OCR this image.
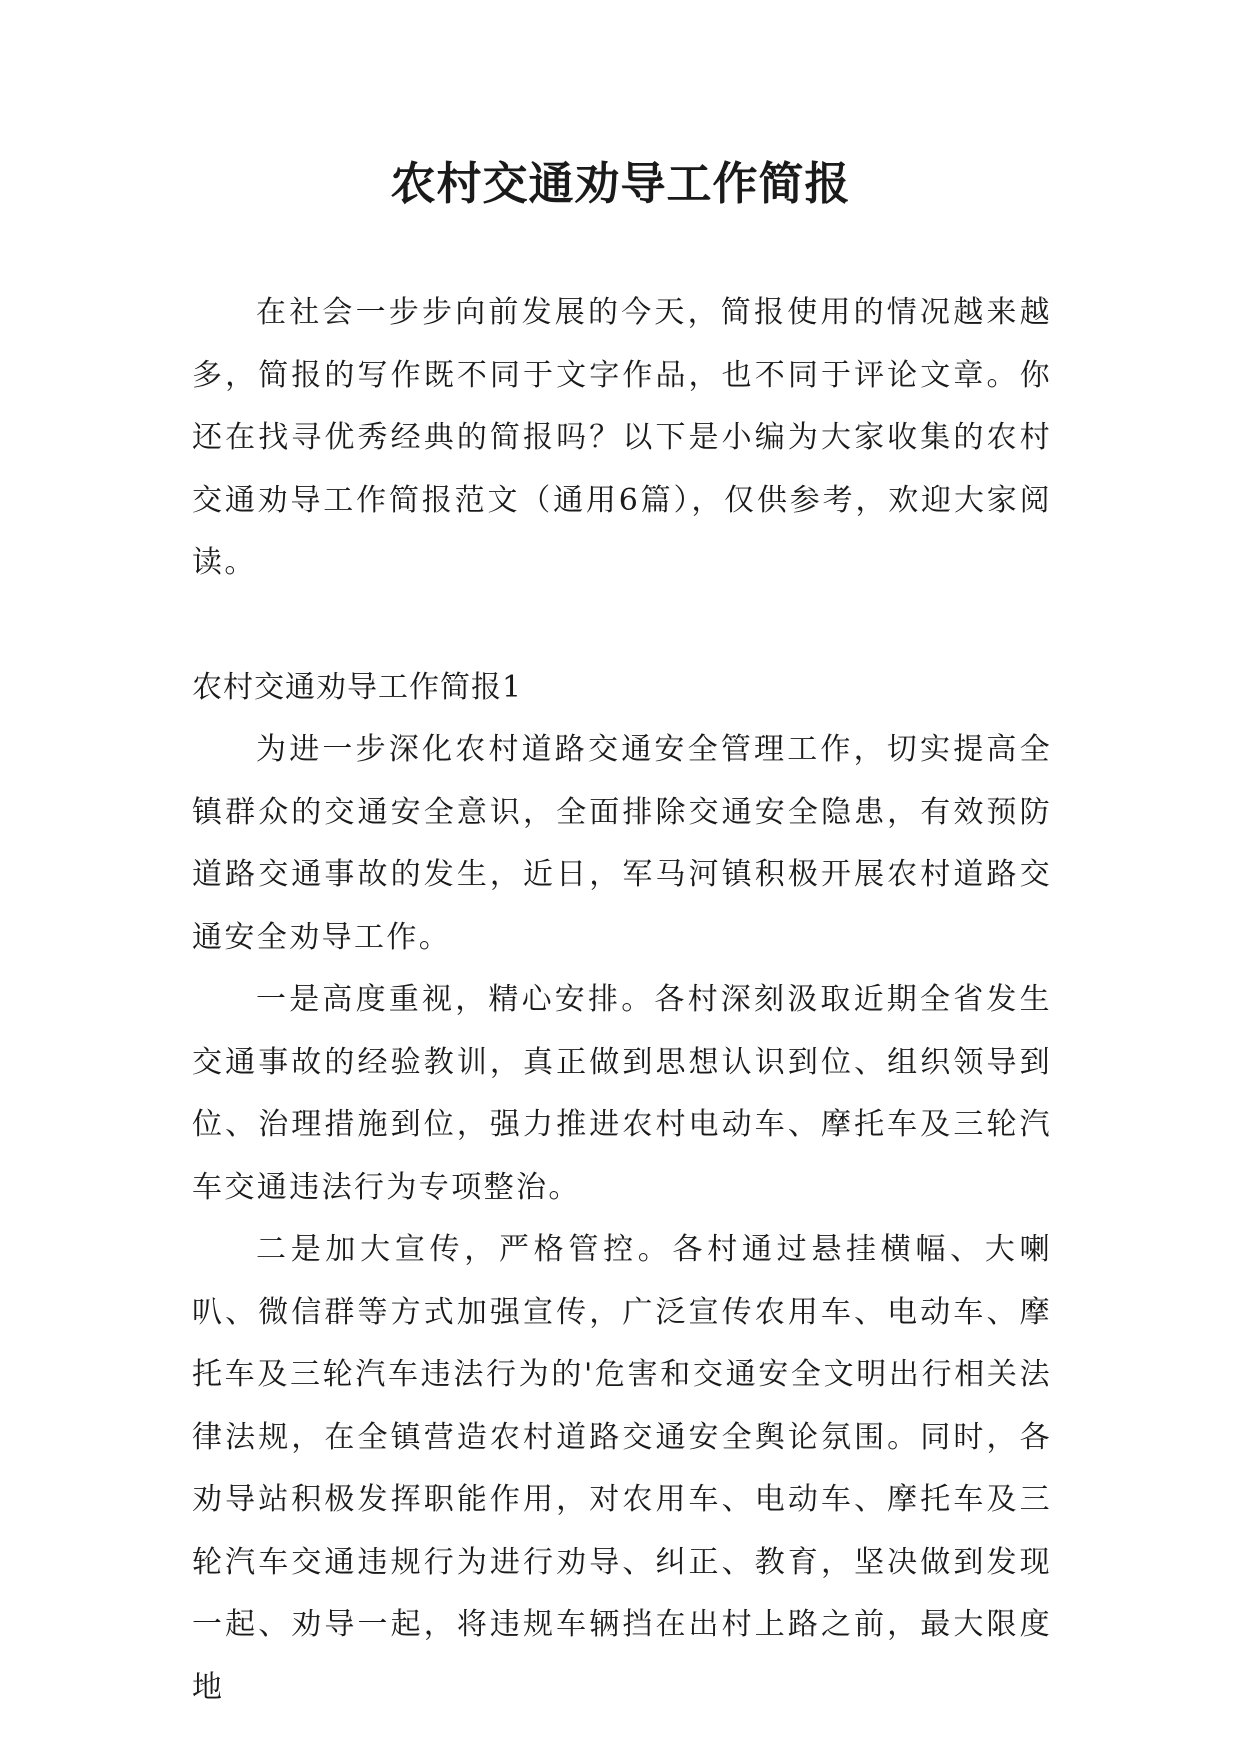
农村交通劝导工作简报

在社会一步步向前发展的今天，简报使用的情况越来越多，简报的写作既不同于文字作品，也不同于评论文章。你还在找寻优秀经典的简报吗？以下是小编为大家收集的农村交通劝导工作简报范文（通用6篇），仅供参考，欢迎大家阅读。

农村交通劝导工作简报1

为进一步深化农村道路交通安全管理工作，切实提高全镇群众的交通安全意识，全面排除交通安全隐患，有效预防道路交通事故的发生，近日，军马河镇积极开展农村道路交通安全劝导工作。

一是高度重视，精心安排。各村深刻汲取近期全省发生交通事故的经验教训，真正做到思想认识到位、组织领导到位、治理措施到位，强力推进农村电动车、摩托车及三轮汽车交通违法行为专项整治。

二是加大宣传，严格管控。各村通过悬挂横幅、大喇叭、微信群等方式加强宣传，广泛宣传农用车、电动车、摩托车及三轮汽车违法行为的'危害和交通安全文明出行相关法律法规，在全镇营造农村道路交通安全舆论氛围。同时，各劝导站积极发挥职能作用，对农用车、电动车、摩托车及三轮汽车交通违规行为进行劝导、纠正、教育，坚决做到发现一起、劝导一起，将违规车辆挡在出村上路之前，最大限度地
